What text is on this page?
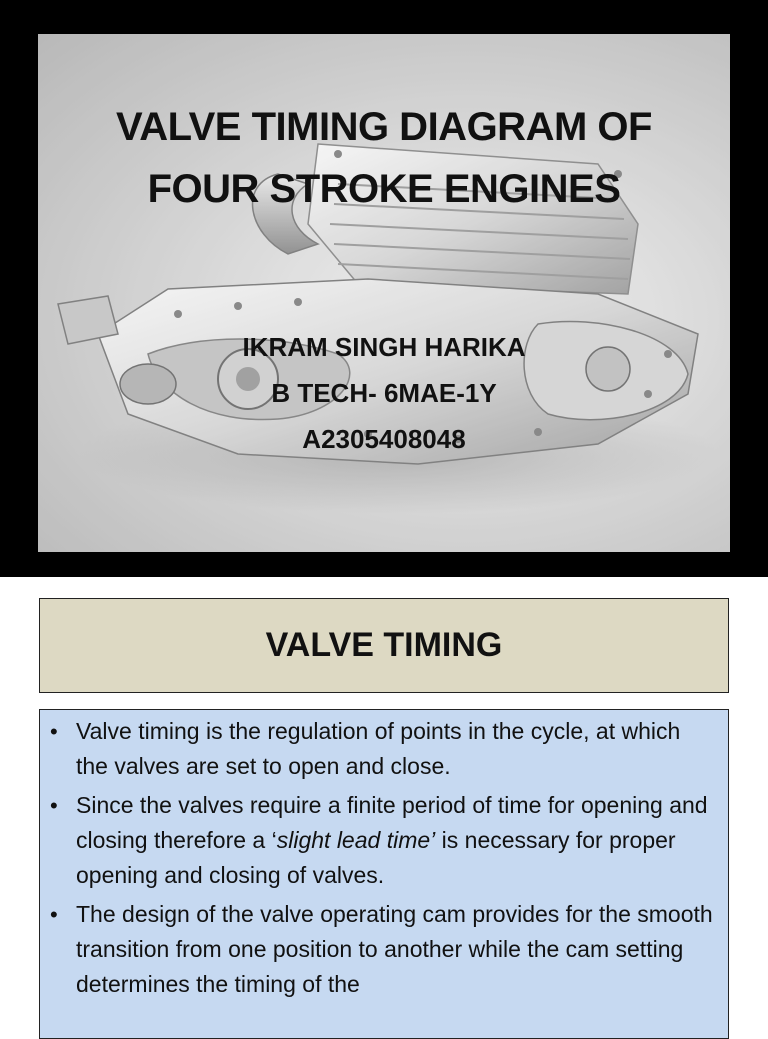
VALVE TIMING DIAGRAM OF
FOUR STROKE ENGINES
IKRAM SINGH HARIKA
B TECH- 6MAE-1Y
A2305408048
VALVE TIMING
• Valve timing is the regulation of points in the cycle, at which the valves are set to open and close.
• Since the valves require a finite period of time for opening and closing therefore a ‘slight lead time’ is necessary for proper opening and closing of valves.
• The design of the valve operating cam provides for the smooth transition from one position to another while the cam setting determines the timing of the
